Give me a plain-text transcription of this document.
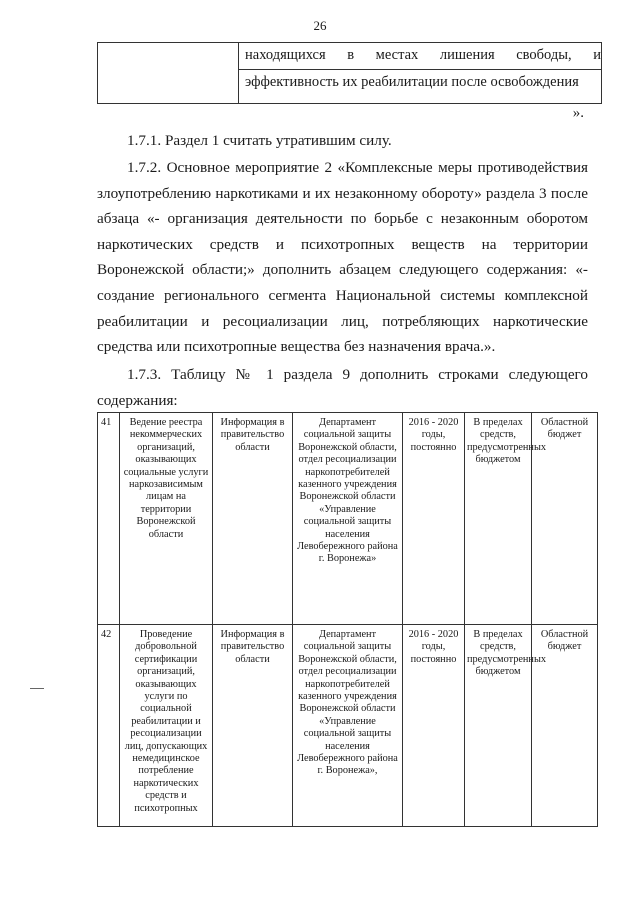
26

находящихся в местах лишения свободы, и
эффективность их реабилитации после освобождения
».
1.7.1. Раздел 1 считать утратившим силу.
1.7.2. Основное мероприятие 2 «Комплексные меры противодействия
злоупотреблению наркотиками и их незаконному обороту» раздела 3 после
абзаца «- организация деятельности по борьбе с незаконным оборотом
наркотических средств и психотропных веществ на территории
Воронежской области;» дополнить абзацем следующего содержания: «-
создание регионального сегмента Национальной системы комплексной
реабилитации и ресоциализации лиц, потребляющих наркотические
средства или психотропные вещества без назначения врача.».
1.7.3. Таблицу № 1 раздела 9 дополнить строками следующего
содержания:
41	Ведение реестра некоммерческих организаций, оказывающих социальные услуги наркозависимым лицам на территории Воронежской области	Информация в правительство области	Департамент социальной защиты Воронежской области, отдел ресоциализации наркопотребителей казенного учреждения Воронежской области «Управление социальной защиты населения Левобережного района г. Воронежа»	2016 - 2020 годы, постоянно	В пределах средств, предусмотренных бюджетом	Областной бюджет
42	Проведение добровольной сертификации организаций, оказывающих услуги по социальной реабилитации и ресоциализации лиц, допускающих немедицинское потребление наркотических средств и психотропных	Информация в правительство области	Департамент социальной защиты Воронежской области, отдел ресоциализации наркопотребителей казенного учреждения Воронежской области «Управление социальной защиты населения Левобережного района г. Воронежа»,	2016 - 2020 годы, постоянно	В пределах средств, предусмотренных бюджетом	Областной бюджет
